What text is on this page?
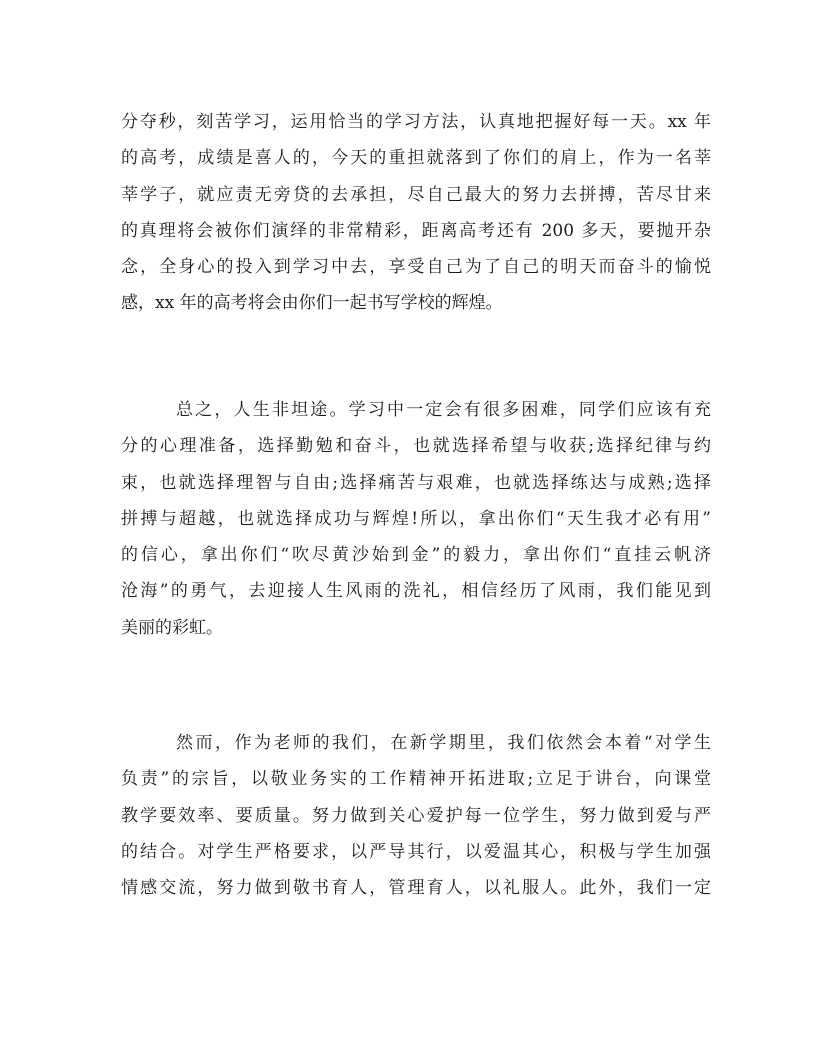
分夺秒，刻苦学习，运用恰当的学习方法，认真地把握好每一天。xx 年
的高考，成绩是喜人的，今天的重担就落到了你们的肩上，作为一名莘
莘学子，就应责无旁贷的去承担，尽自己最大的努力去拼搏，苦尽甘来
的真理将会被你们演绎的非常精彩，距离高考还有 200 多天，要抛开杂
念，全身心的投入到学习中去，享受自己为了自己的明天而奋斗的愉悦
感，xx 年的高考将会由你们一起书写学校的辉煌。
总之，人生非坦途。学习中一定会有很多困难，同学们应该有充
分的心理准备，选择勤勉和奋斗，也就选择希望与收获;选择纪律与约
束，也就选择理智与自由;选择痛苦与艰难，也就选择练达与成熟;选择
拼搏与超越，也就选择成功与辉煌!所以，拿出你们“天生我才必有用”
的信心，拿出你们“吹尽黄沙始到金”的毅力，拿出你们“直挂云帆济
沧海”的勇气，去迎接人生风雨的洗礼，相信经历了风雨，我们能见到
美丽的彩虹。
然而，作为老师的我们，在新学期里，我们依然会本着“对学生
负责”的宗旨，以敬业务实的工作精神开拓进取;立足于讲台，向课堂
教学要效率、要质量。努力做到关心爱护每一位学生，努力做到爱与严
的结合。对学生严格要求，以严导其行，以爱温其心，积极与学生加强
情感交流，努力做到敬书育人，管理育人，以礼服人。此外，我们一定
